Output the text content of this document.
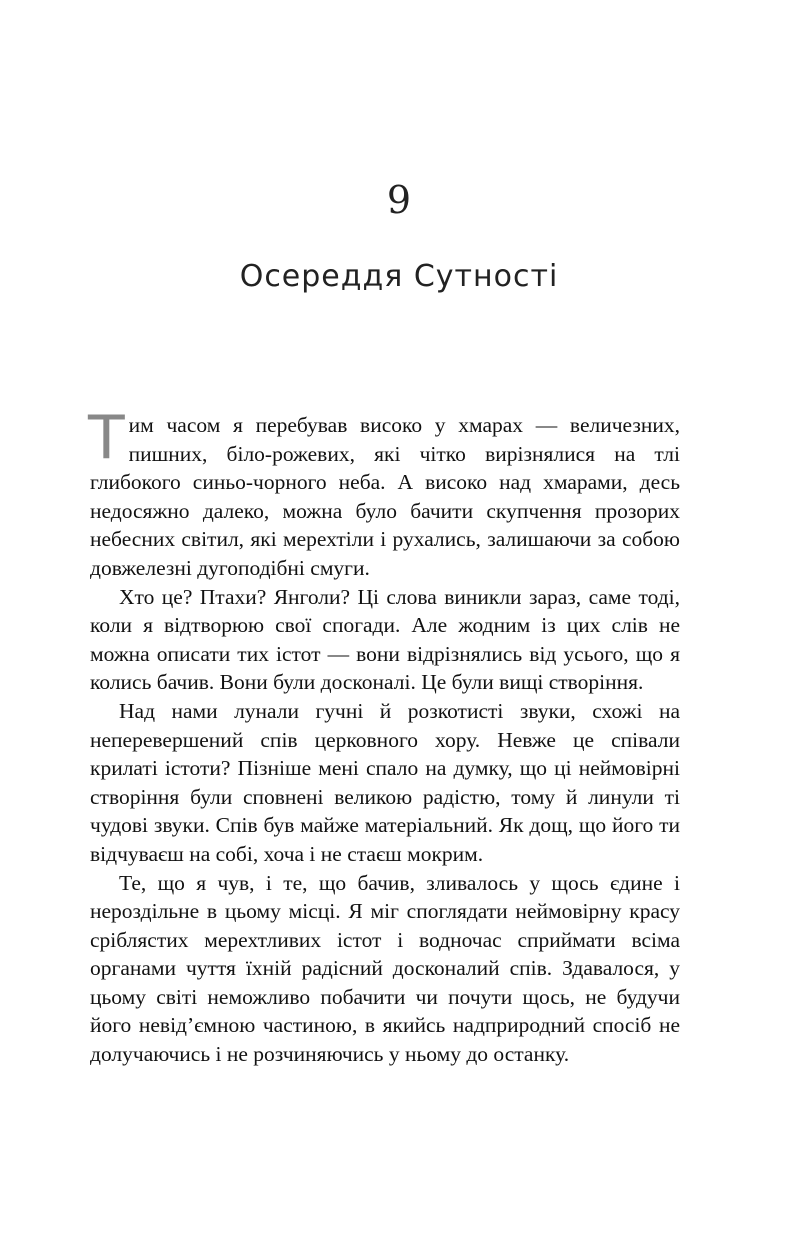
9
Осереддя Сутності

Тим часом я перебував високо у хмарах — величезних, пишних, біло-рожевих, які чітко вирізнялися на тлі глибокого синьо-чорного неба. А високо над хмарами, десь недосяжно далеко, можна було бачити скупчення прозорих небесних світил, які мерехтіли і рухались, залишаючи за собою довжелезні дугоподібні смуги.

Хто це? Птахи? Янголи? Ці слова виникли зараз, саме тоді, коли я відтворюю свої спогади. Але жодним із цих слів не можна описати тих істот — вони відрізнялись від усього, що я колись бачив. Вони були досконалі. Це були вищі створіння.

Над нами лунали гучні й розкотисті звуки, схожі на неперевершений спів церковного хору. Невже це співали крилаті істоти? Пізніше мені спало на думку, що ці неймовірні створіння були сповнені великою радістю, тому й линули ті чудові звуки. Спів був майже матеріальний. Як дощ, що його ти відчуваєш на собі, хоча і не стаєш мокрим.

Те, що я чув, і те, що бачив, зливалось у щось єдине і нероздільне в цьому місці. Я міг споглядати неймовірну красу сріблястих мерехтливих істот і водночас сприймати всіма органами чуття їхній радісний досконалий спів. Здавалося, у цьому світі неможливо побачити чи почути щось, не будучи його невід’ємною частиною, в якийсь надприродний спосіб не долучаючись і не розчиняючись у ньому до останку.
